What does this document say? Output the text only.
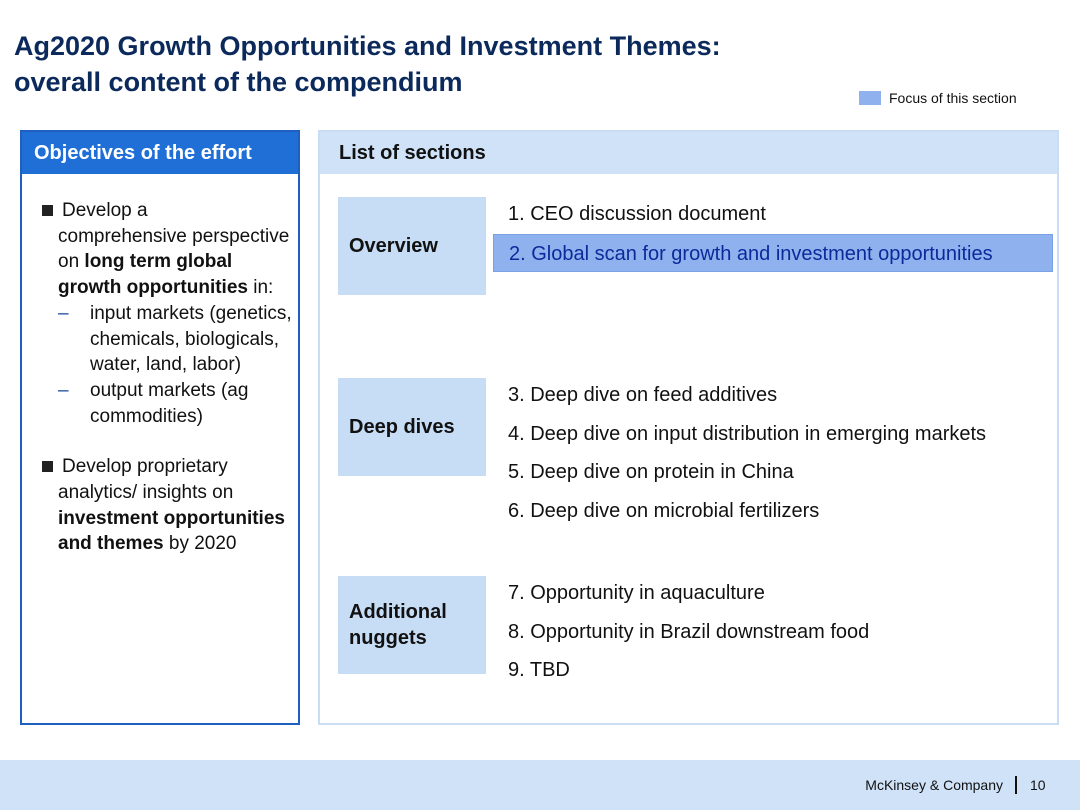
Ag2020 Growth Opportunities and Investment Themes:
overall content of the compendium
Focus of this section
Objectives of the effort
Develop a
comprehensive perspective on long term global growth opportunities in:
– input markets (genetics, chemicals, biologicals, water, land, labor)
– output markets (ag commodities)
Develop proprietary
analytics/ insights on investment opportunities and themes by 2020
List of sections
Overview
1. CEO discussion document
2. Global scan for growth and investment opportunities
Deep dives
3. Deep dive on feed additives
4. Deep dive on input distribution in emerging markets
5. Deep dive on protein in China
6. Deep dive on microbial fertilizers
Additional nuggets
7. Opportunity in aquaculture
8. Opportunity in Brazil downstream food
9. TBD
McKinsey & Company 10
